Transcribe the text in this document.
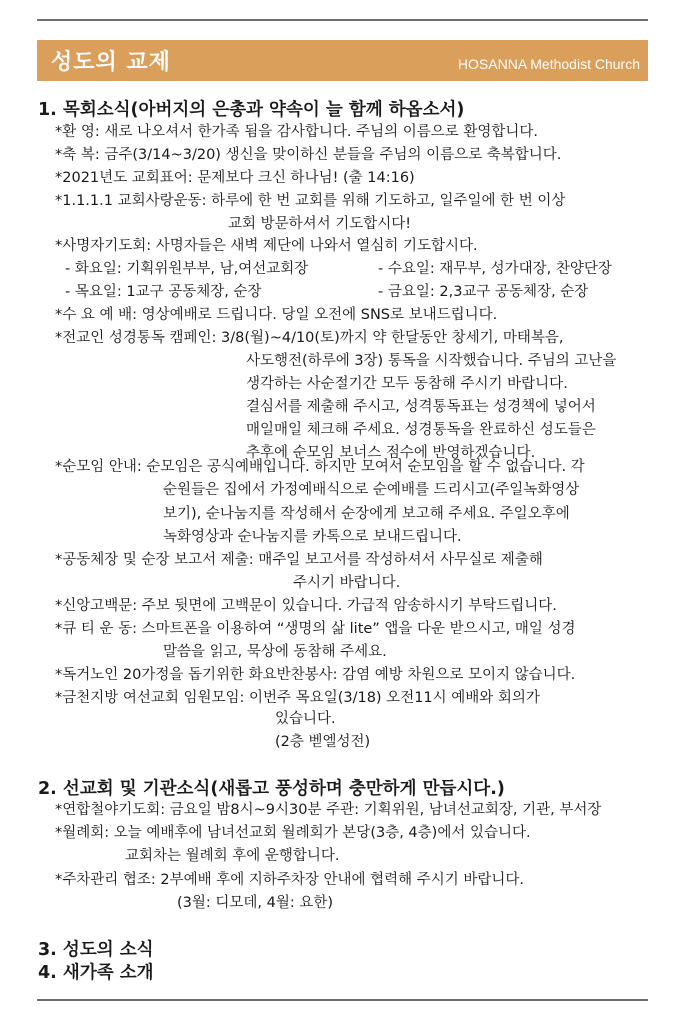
성도의 교제	HOSANNA Methodist Church
1. 목회소식(아버지의 은총과 약속이 늘 함께 하옵소서)
*환 영: 새로 나오셔서 한가족 됨을 감사합니다. 주님의 이름으로 환영합니다.
*축 복: 금주(3/14~3/20) 생신을 맞이하신 분들을 주님의 이름으로 축복합니다.
*2021년도 교회표어: 문제보다 크신 하나님! (출 14:16)
*1.1.1.1 교회사랑운동: 하루에 한 번 교회를 위해 기도하고, 일주일에 한 번 이상
교회 방문하셔서 기도합시다!
*사명자기도회: 사명자들은 새벽 제단에 나와서 열심히 기도합시다.
- 화요일: 기획위원부부, 남,여선교회장	- 수요일: 재무부, 성가대장, 찬양단장
- 목요일: 1교구 공동체장, 순장	- 금요일: 2,3교구 공동체장, 순장
*수 요 예 배: 영상예배로 드립니다. 당일 오전에 SNS로 보내드립니다.
*전교인 성경통독 캠페인: 3/8(월)~4/10(토)까지 약 한달동안 창세기, 마태복음,
사도행전(하루에 3장) 통독을 시작했습니다. 주님의 고난을
생각하는 사순절기간 모두 동참해 주시기 바랍니다.
결심서를 제출해 주시고, 성격통독표는 성경책에 넣어서
매일매일 체크해 주세요. 성경통독을 완료하신 성도들은
추후에 순모임 보너스 점수에 반영하겠습니다.
*순모임 안내: 순모임은 공식예배입니다. 하지만 모여서 순모임을 할 수 없습니다. 각
순원들은 집에서 가정예배식으로 순예배를 드리시고(주일녹화영상
보기), 순나눔지를 작성해서 순장에게 보고해 주세요. 주일오후에
녹화영상과 순나눔지를 카톡으로 보내드립니다.
*공동체장 및 순장 보고서 제출: 매주일 보고서를 작성하셔서 사무실로 제출해
주시기 바랍니다.
*신앙고백문: 주보 뒷면에 고백문이 있습니다. 가급적 암송하시기 부탁드립니다.
*큐 티 운 동: 스마트폰을 이용하여 “생명의 삶 lite” 앱을 다운 받으시고, 매일 성경
말씀을 읽고, 묵상에 동참해 주세요.
*독거노인 20가정을 돕기위한 화요반찬봉사: 감염 예방 차원으로 모이지 않습니다.
*금천지방 여선교회 임원모임: 이번주 목요일(3/18) 오전11시 예배와 회의가
있습니다.
(2층 벧엘성전)
2. 선교회 및 기관소식(새롭고 풍성하며 충만하게 만듭시다.)
*연합철야기도회: 금요일 밤8시~9시30분 주관: 기획위원, 남녀선교회장, 기관, 부서장
*월례회: 오늘 예배후에 남녀선교회 월례회가 본당(3층, 4층)에서 있습니다.
교회차는 월례회 후에 운행합니다.
*주차관리 협조: 2부예배 후에 지하주차장 안내에 협력해 주시기 바랍니다.
(3월: 디모데, 4월: 요한)
3. 성도의 소식
4. 새가족 소개
